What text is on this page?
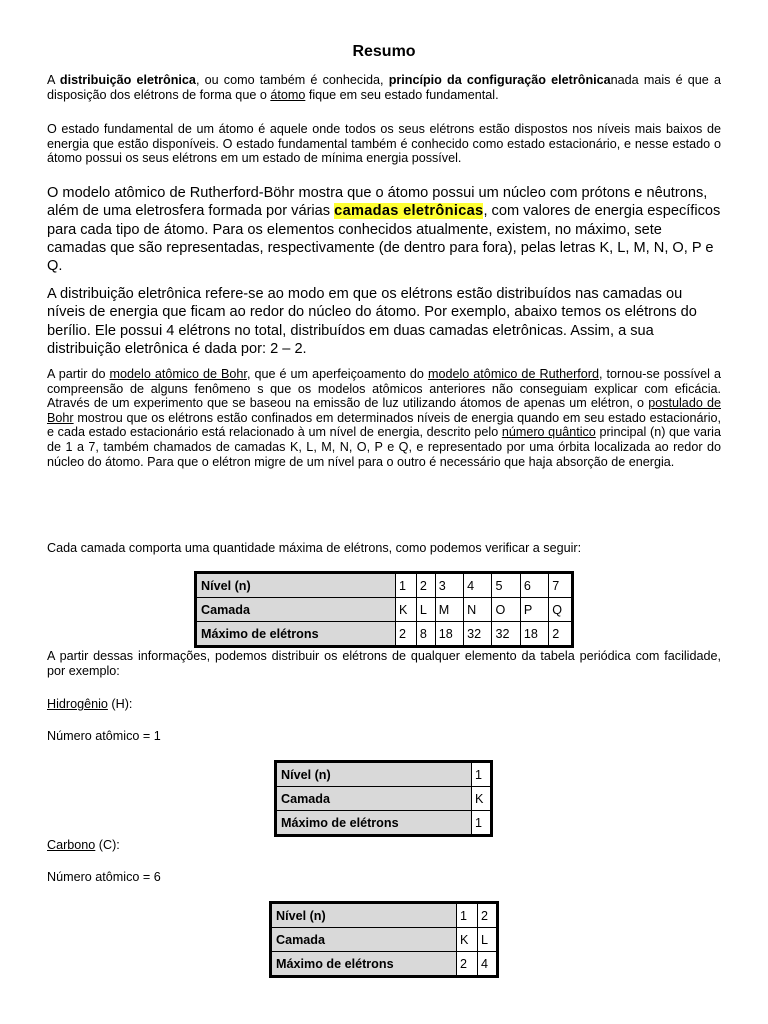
Resumo
A distribuição eletrônica, ou como também é conhecida, princípio da configuração eletrônicanada mais é que a disposição dos elétrons de forma que o átomo fique em seu estado fundamental.
O estado fundamental de um átomo é aquele onde todos os seus elétrons estão dispostos nos níveis mais baixos de energia que estão disponíveis. O estado fundamental também é conhecido como estado estacionário, e nesse estado o átomo possui os seus elétrons em um estado de mínima energia possível.
O modelo atômico de Rutherford-Böhr mostra que o átomo possui um núcleo com prótons e nêutrons, além de uma eletrosfera formada por várias camadas eletrônicas, com valores de energia específicos para cada tipo de átomo. Para os elementos conhecidos atualmente, existem, no máximo, sete camadas que são representadas, respectivamente (de dentro para fora), pelas letras K, L, M, N, O, P e Q.
A distribuição eletrônica refere-se ao modo em que os elétrons estão distribuídos nas camadas ou níveis de energia que ficam ao redor do núcleo do átomo. Por exemplo, abaixo temos os elétrons do berílio. Ele possui 4 elétrons no total, distribuídos em duas camadas eletrônicas. Assim, a sua distribuição eletrônica é dada por: 2 – 2.
A partir do modelo atômico de Bohr, que é um aperfeiçoamento do modelo atômico de Rutherford, tornou-se possível a compreensão de alguns fenômeno s que os modelos atômicos anteriores não conseguiam explicar com eficácia. Através de um experimento que se baseou na emissão de luz utilizando átomos de apenas um elétron, o postulado de Bohr mostrou que os elétrons estão confinados em determinados níveis de energia quando em seu estado estacionário, e cada estado estacionário está relacionado à um nível de energia, descrito pelo número quântico principal (n) que varia de 1 a 7, também chamados de camadas K, L, M, N, O, P e Q, e representado por uma órbita localizada ao redor do núcleo do átomo. Para que o elétron migre de um nível para o outro é necessário que haja absorção de energia.
Cada camada comporta uma quantidade máxima de elétrons, como podemos verificar a seguir:
Nível (n)	1	2	3	4	5	6	7
Camada	K	L	M	N	O	P	Q
Máximo de elétrons	2	8	18	32	32	18	2
A partir dessas informações, podemos distribuir os elétrons de qualquer elemento da tabela periódica com facilidade, por exemplo:
Hidrogênio (H):
Número atômico = 1
Nível (n)	1
Camada	K
Máximo de elétrons	1
Carbono (C):
Número atômico = 6
Nível (n)	1	2
Camada	K	L
Máximo de elétrons	2	4
